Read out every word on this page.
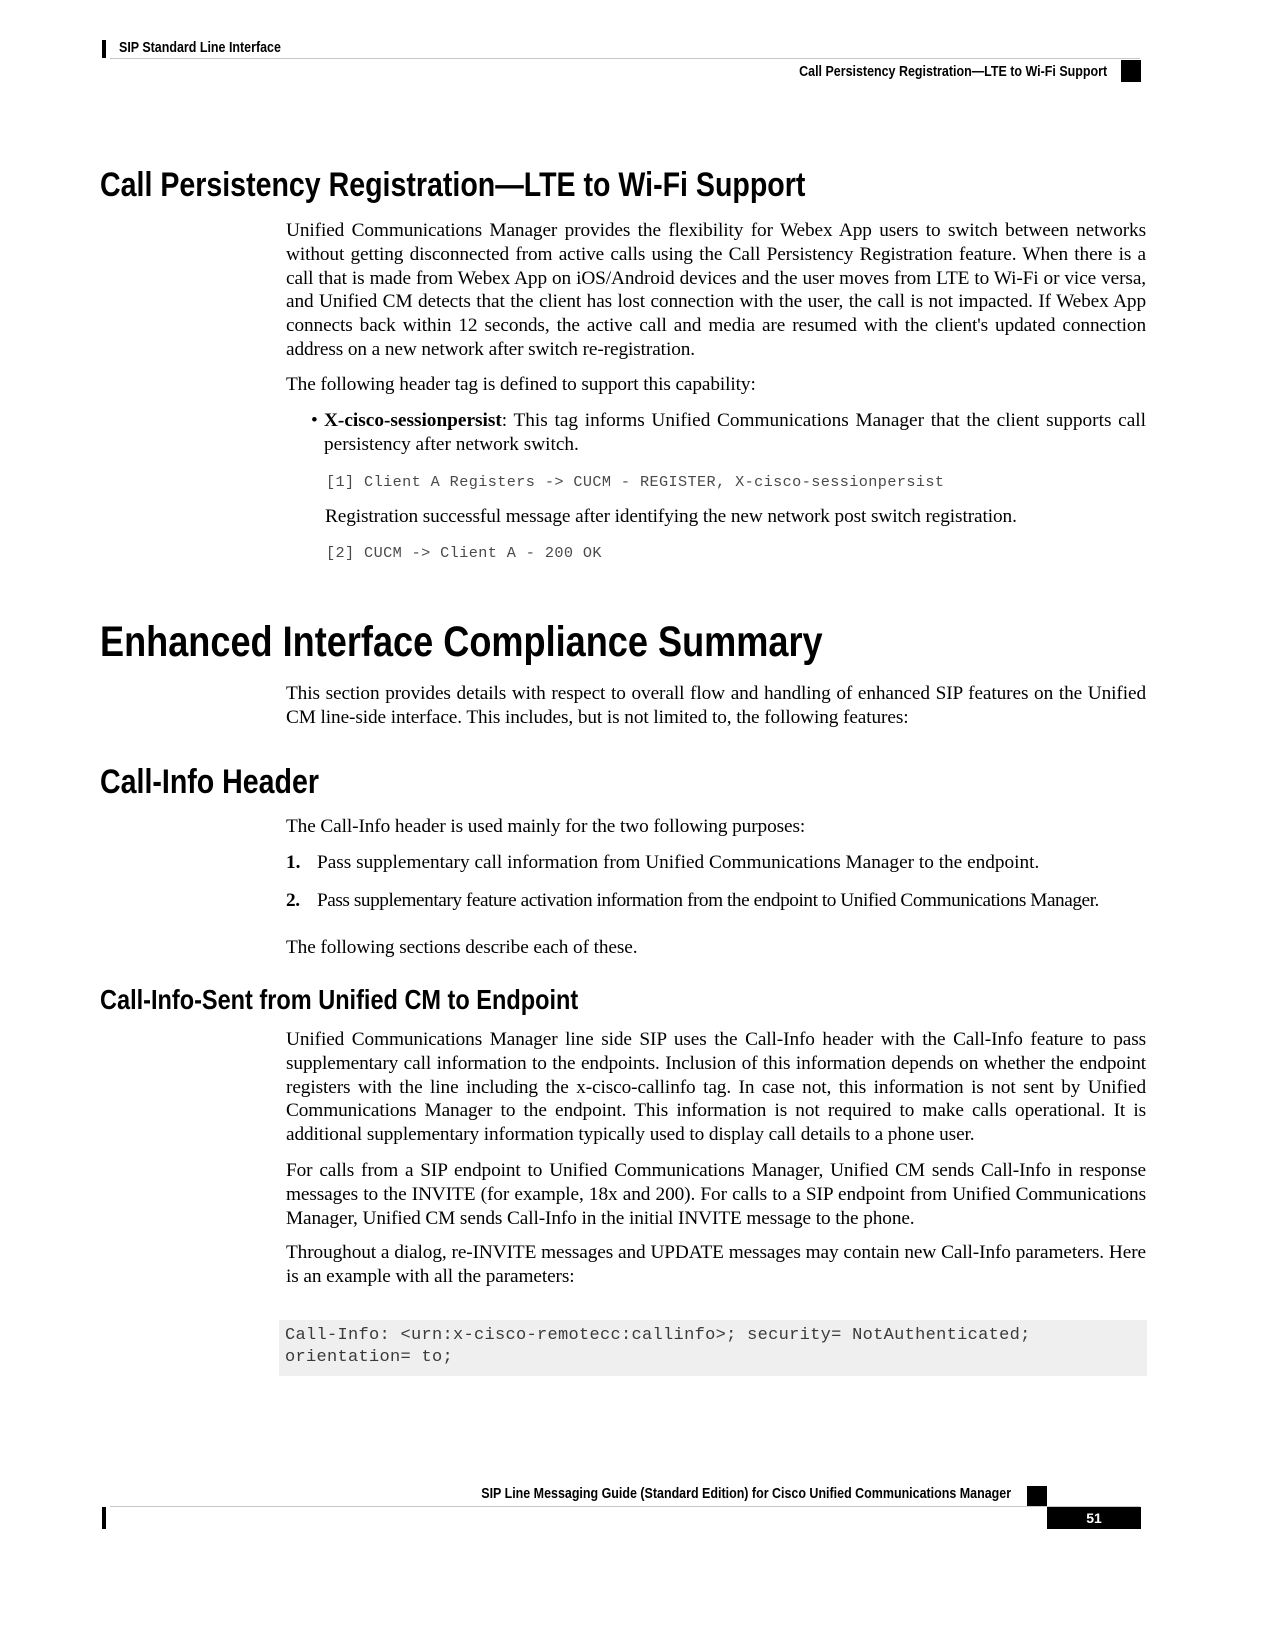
SIP Standard Line Interface
Call Persistency Registration—LTE to Wi-Fi Support
Call Persistency Registration—LTE to Wi-Fi Support

Unified Communications Manager provides the flexibility for Webex App users to switch between networks without getting disconnected from active calls using the Call Persistency Registration feature. When there is a call that is made from Webex App on iOS/Android devices and the user moves from LTE to Wi-Fi or vice versa, and Unified CM detects that the client has lost connection with the user, the call is not impacted. If Webex App connects back within 12 seconds, the active call and media are resumed with the client's updated connection address on a new network after switch re-registration.

The following header tag is defined to support this capability:

• X-cisco-sessionpersist: This tag informs Unified Communications Manager that the client supports call persistency after network switch.
[1] Client A Registers -> CUCM - REGISTER, X-cisco-sessionpersist

Registration successful message after identifying the new network post switch registration.

[2] CUCM -> Client A - 200 OK
Enhanced Interface Compliance Summary

This section provides details with respect to overall flow and handling of enhanced SIP features on the Unified CM line-side interface. This includes, but is not limited to, the following features:

Call-Info Header

The Call-Info header is used mainly for the two following purposes:

1. Pass supplementary call information from Unified Communications Manager to the endpoint.
2. Pass supplementary feature activation information from the endpoint to Unified Communications Manager.

The following sections describe each of these.

Call-Info-Sent from Unified CM to Endpoint

Unified Communications Manager line side SIP uses the Call-Info header with the Call-Info feature to pass supplementary call information to the endpoints. Inclusion of this information depends on whether the endpoint registers with the line including the x-cisco-callinfo tag. In case not, this information is not sent by Unified Communications Manager to the endpoint. This information is not required to make calls operational. It is additional supplementary information typically used to display call details to a phone user.

For calls from a SIP endpoint to Unified Communications Manager, Unified CM sends Call-Info in response messages to the INVITE (for example, 18x and 200). For calls to a SIP endpoint from Unified Communications Manager, Unified CM sends Call-Info in the initial INVITE message to the phone.

Throughout a dialog, re-INVITE messages and UPDATE messages may contain new Call-Info parameters. Here is an example with all the parameters:

Call-Info: <urn:x-cisco-remotecc:callinfo>; security= NotAuthenticated;
orientation= to;
SIP Line Messaging Guide (Standard Edition) for Cisco Unified Communications Manager
51
